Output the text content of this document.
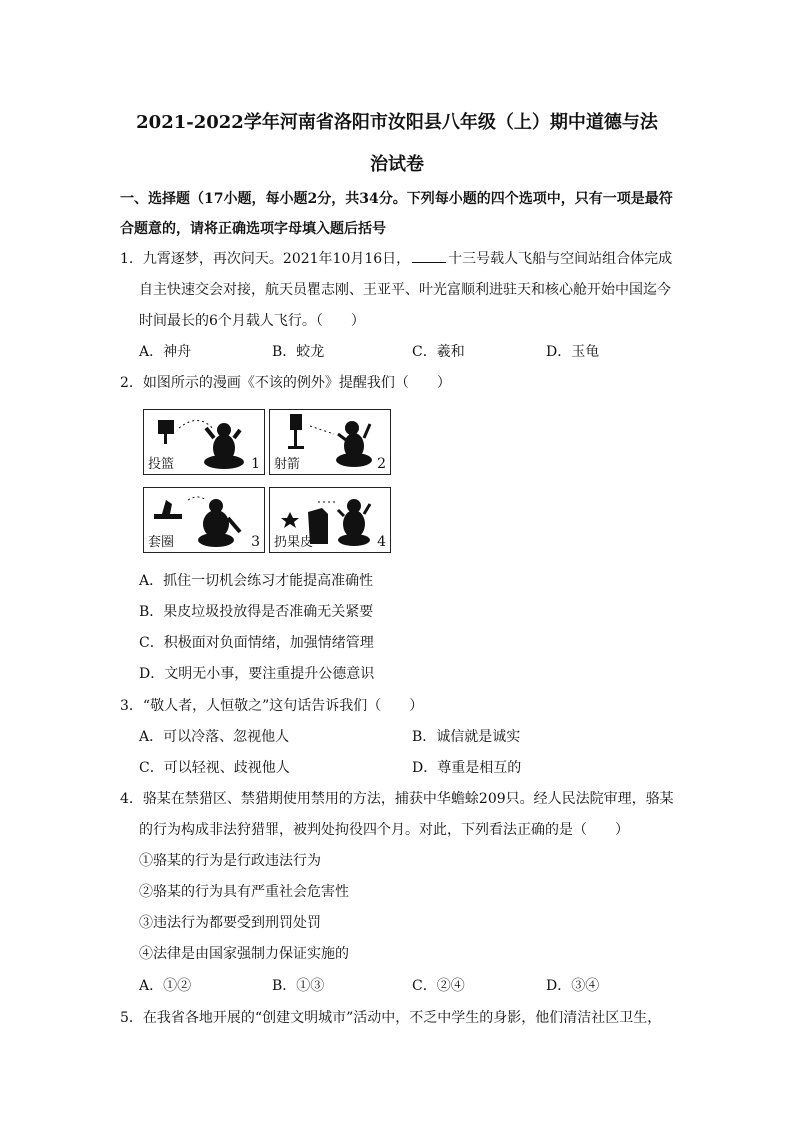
2021-2022学年河南省洛阳市汝阳县八年级（上）期中道德与法
治试卷
一、选择题（17小题，每小题2分，共34分。下列每小题的四个选项中，只有一项是最符
合题意的，请将正确选项字母填入题后括号
1．九霄逐梦，再次问天。2021年10月16日，	十三号载人飞船与空间站组合体完成
自主快速交会对接，航天员瞿志刚、王亚平、叶光富顺利进驻天和核心舱开始中国迄今
时间最长的6个月载人飞行。（　　）
A．神舟	B．蛟龙	C．羲和	D．玉龟
2．如图所示的漫画《不该的例外》提醒我们（　　）
投篮	1 射箭	2
套圈	3 扔果皮	4
A．抓住一切机会练习才能提高准确性
B．果皮垃圾投放得是否准确无关紧要
C．积极面对负面情绪，加强情绪管理
D．文明无小事，要注重提升公德意识
3．“敬人者，人恒敬之”这句话告诉我们（　　）
A．可以冷落、忽视他人	B．诚信就是诚实
C．可以轻视、歧视他人	D．尊重是相互的
4．骆某在禁猎区、禁猎期使用禁用的方法，捕获中华蟾蜍209只。经人民法院审理，骆某
的行为构成非法狩猎罪，被判处拘役四个月。对此，下列看法正确的是（　　）
①骆某的行为是行政违法行为
②骆某的行为具有严重社会危害性
③违法行为都要受到刑罚处罚
④法律是由国家强制力保证实施的
A．①②	B．①③	C．②④	D．③④
5．在我省各地开展的“创建文明城市”活动中，不乏中学生的身影，他们清洁社区卫生，
